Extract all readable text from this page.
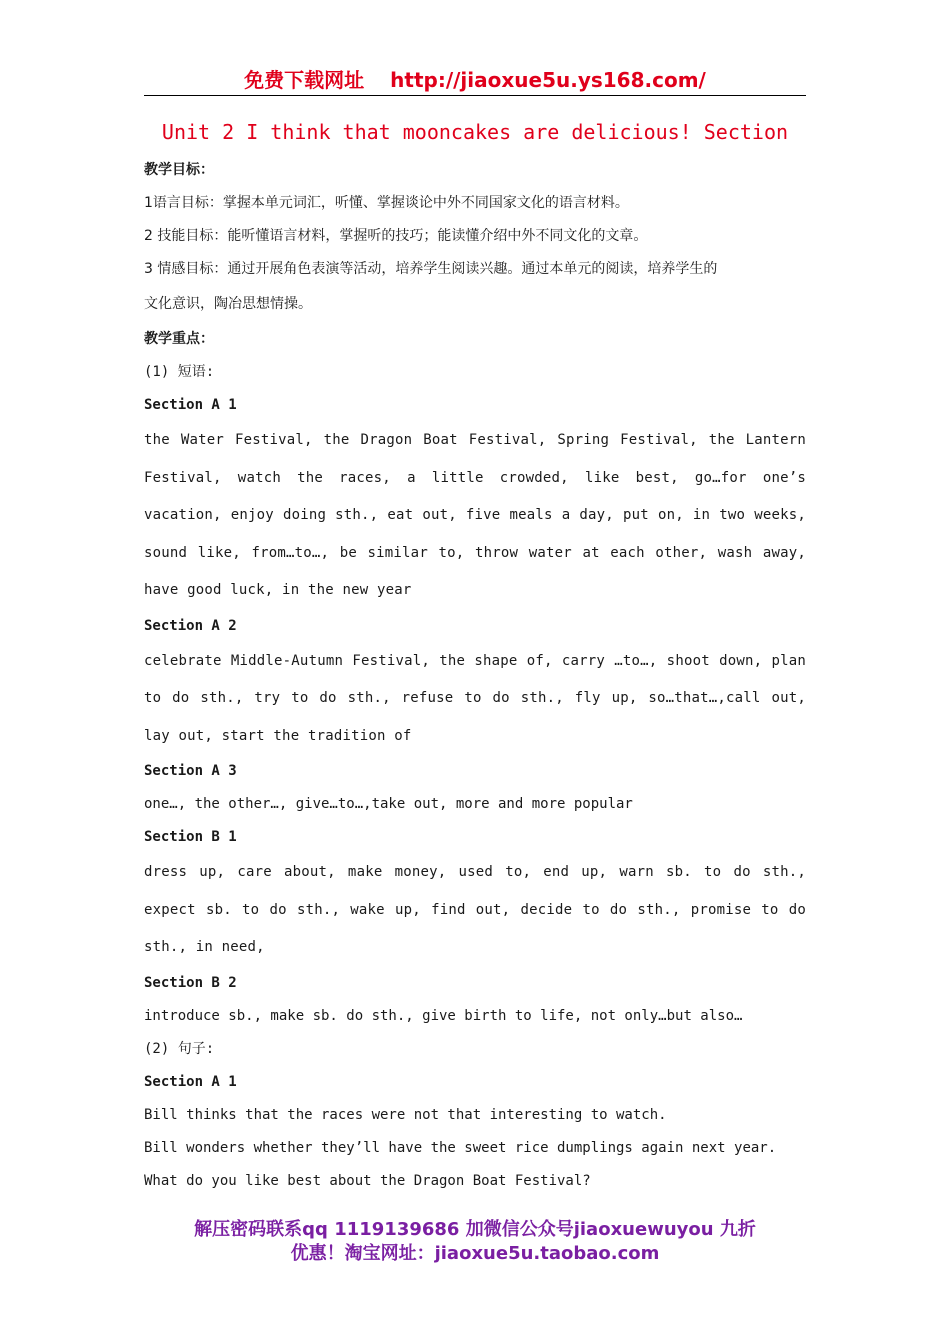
免费下载网址 http://jiaoxue5u.ys168.com/
Unit 2 I think that mooncakes are delicious! Section
教学目标：
1语言目标：掌握本单元词汇，听懂、掌握谈论中外不同国家文化的语言材料。
2 技能目标：能听懂语言材料，掌握听的技巧；能读懂介绍中外不同文化的文章。
3 情感目标：通过开展角色表演等活动，培养学生阅读兴趣。通过本单元的阅读，培养学生的
文化意识，陶冶思想情操。
教学重点：
(1) 短语:
Section A 1
the Water Festival, the Dragon Boat Festival, Spring Festival, the Lantern Festival, watch the races, a little crowded, like best, go…for one’s vacation, enjoy doing sth., eat out, five meals a day, put on, in two weeks, sound like, from…to…, be similar to, throw water at each other, wash away, have good luck, in the new year
Section A 2
celebrate Middle-Autumn Festival, the shape of, carry …to…, shoot down, plan to do sth., try to do sth., refuse to do sth., fly up, so…that…,call out, lay out, start the tradition of
Section A 3
one…, the other…, give…to…,take out, more and more popular
Section B 1
dress up, care about, make money, used to, end up, warn sb. to do sth., expect sb. to do sth., wake up, find out, decide to do sth., promise to do sth., in need,
Section B 2
introduce sb., make sb. do sth., give birth to life, not only…but also…
(2) 句子:
Section A 1
Bill thinks that the races were not that interesting to watch.
Bill wonders whether they’ll have the sweet rice dumplings again next year.
What do you like best about the Dragon Boat Festival?
解压密码联系qq 1119139686 加微信公众号jiaoxuewuyou 九折
优惠！淘宝网址：jiaoxue5u.taobao.com
